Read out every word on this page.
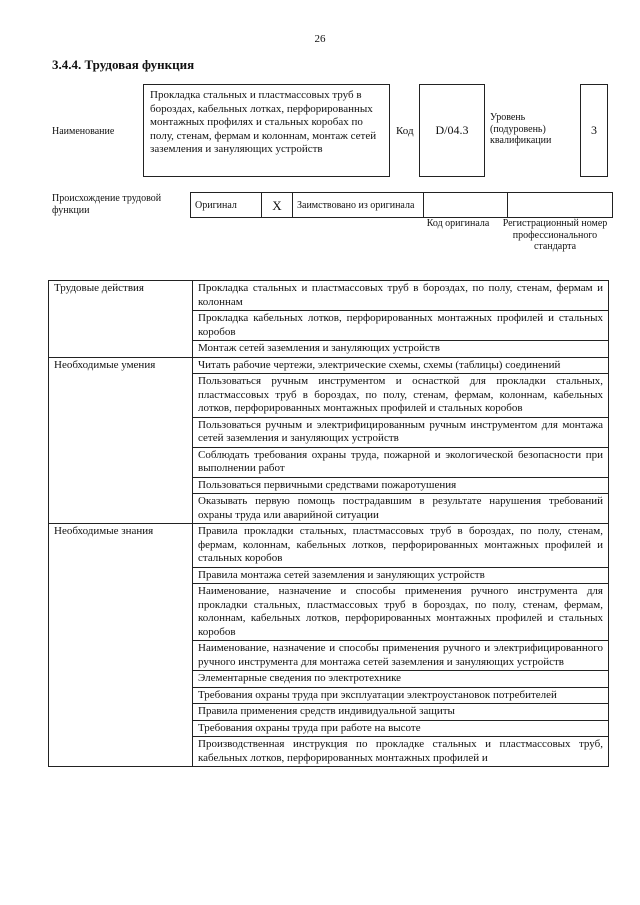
26
3.4.4. Трудовая функция
Наименование
Прокладка стальных и пластмассовых труб в бороздах, кабельных лотках, перфорированных монтажных профилях и стальных коробах по полу, стенам, фермам и колоннам, монтаж сетей заземления и зануляющих устройств
Код	D/04.3
Уровень (подуровень) квалификации
3
Происхождение трудовой функции	Оригинал	X	Заимствовано из оригинала		
Код оригинала Регистрационный номер профессионального стандарта
Трудовые действия	Прокладка стальных и пластмассовых труб в бороздах, по полу, стенам, фермам и колоннам
	Прокладка кабельных лотков, перфорированных монтажных профилей и стальных коробов
	Монтаж сетей заземления и зануляющих устройств
Необходимые умения	Читать рабочие чертежи, электрические схемы, схемы (таблицы) соединений
	Пользоваться ручным инструментом и оснасткой для прокладки стальных, пластмассовых труб в бороздах, по полу, стенам, фермам, колоннам, кабельных лотков, перфорированных монтажных профилей и стальных коробов
	Пользоваться ручным и электрифицированным ручным инструментом для монтажа сетей заземления и зануляющих устройств
	Соблюдать требования охраны труда, пожарной и экологической безопасности при выполнении работ
	Пользоваться первичными средствами пожаротушения
	Оказывать первую помощь пострадавшим в результате нарушения требований охраны труда или аварийной ситуации
Необходимые знания	Правила прокладки стальных, пластмассовых труб в бороздах, по полу, стенам, фермам, колоннам, кабельных лотков, перфорированных монтажных профилей и стальных коробов
	Правила монтажа сетей заземления и зануляющих устройств
	Наименование, назначение и способы применения ручного инструмента для прокладки стальных, пластмассовых труб в бороздах, по полу, стенам, фермам, колоннам, кабельных лотков, перфорированных монтажных профилей и стальных коробов
	Наименование, назначение и способы применения ручного и электрифицированного ручного инструмента для монтажа сетей заземления и зануляющих устройств
	Элементарные сведения по электротехнике
	Требования охраны труда при эксплуатации электроустановок потребителей
	Правила применения средств индивидуальной защиты
	Требования охраны труда при работе на высоте
	Производственная инструкция по прокладке стальных и пластмассовых труб, кабельных лотков, перфорированных монтажных профилей и
